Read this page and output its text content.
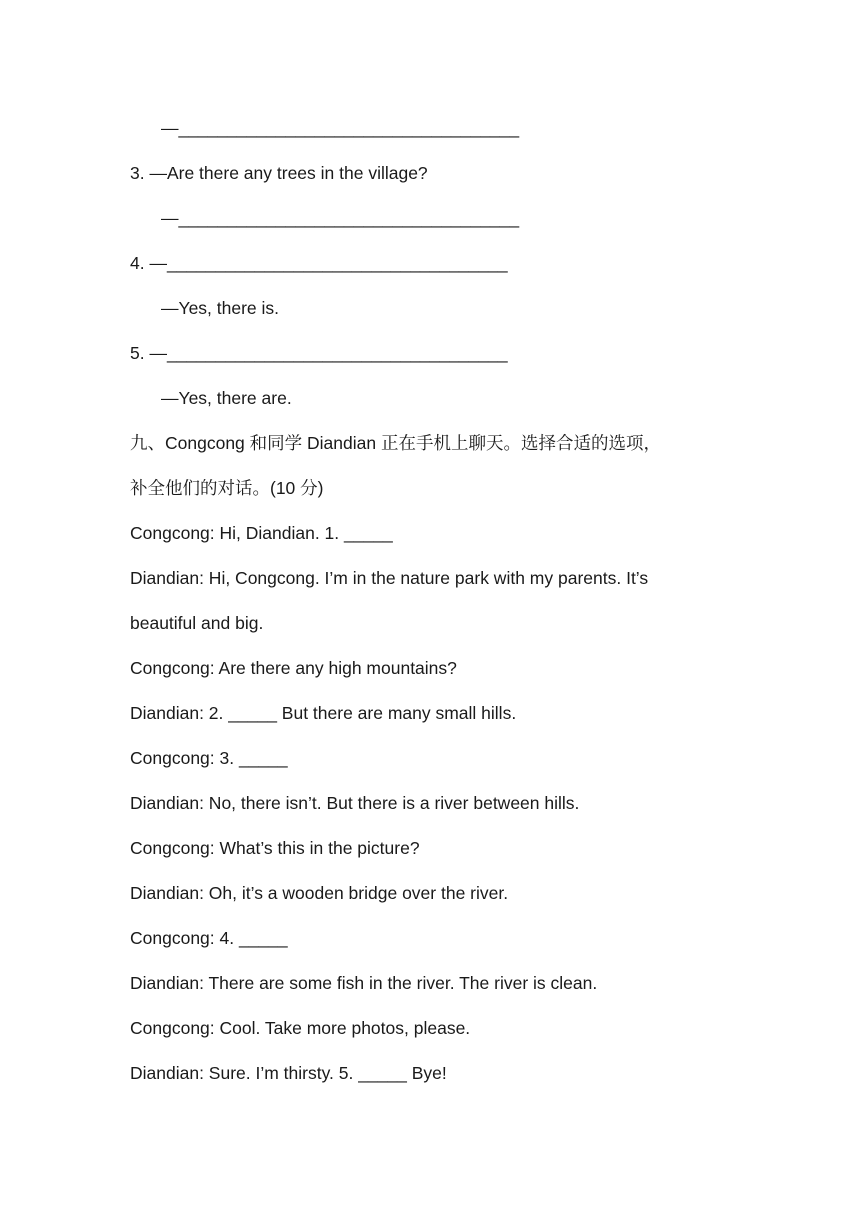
—___________________________________
3. —Are there any trees in the village?
—___________________________________
4. —___________________________________
—Yes, there is.
5. —___________________________________
—Yes, there are.
九、Congcong 和同学 Diandian 正在手机上聊天。选择合适的选项，
补全他们的对话。(10 分)
Congcong: Hi, Diandian. 1. _____
Diandian: Hi, Congcong. I’m in the nature park with my parents. It’s
beautiful and big.
Congcong: Are there any high mountains?
Diandian: 2. _____ But there are many small hills.
Congcong: 3. _____
Diandian: No, there isn’t. But there is a river between hills.
Congcong: What’s this in the picture?
Diandian: Oh, it’s a wooden bridge over the river.
Congcong: 4. _____
Diandian: There are some fish in the river. The river is clean.
Congcong: Cool. Take more photos, please.
Diandian: Sure. I’m thirsty. 5. _____ Bye!
